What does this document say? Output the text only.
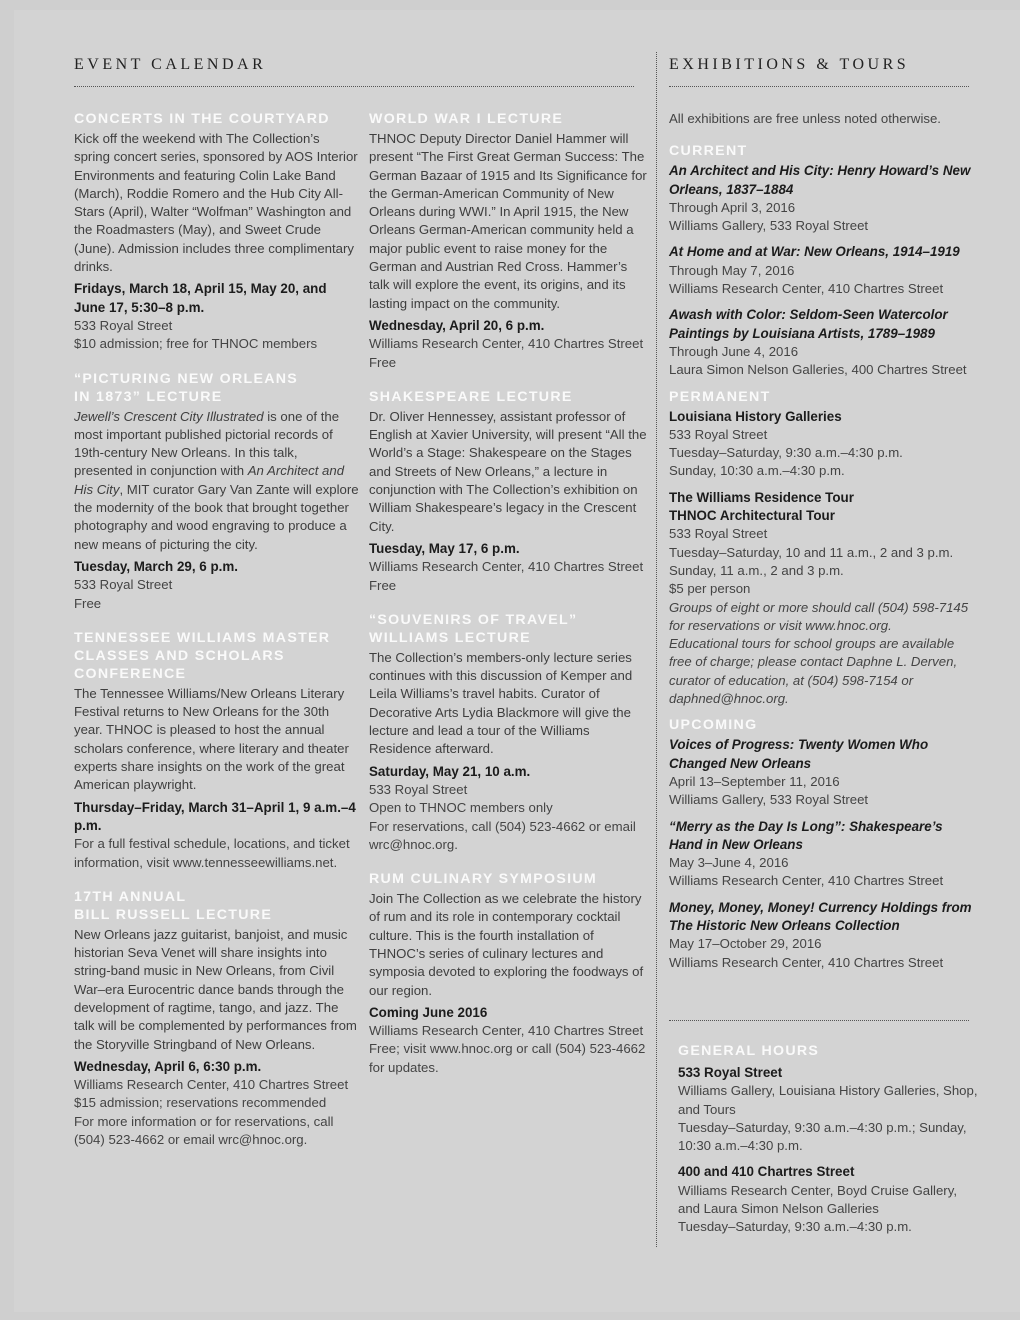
EVENT CALENDAR	EXHIBITIONS & TOURS

CONCERTS IN THE COURTYARD

Kick off the weekend with The Collection’s spring concert series, sponsored by AOS Interior Environments and featuring Colin Lake Band (March), Roddie Romero and the Hub City All-Stars (April), Walter “Wolfman” Washington and the Roadmasters (May), and Sweet Crude (June). Admission includes three complimentary drinks.

Fridays, March 18, April 15, May 20, and June 17, 5:30–8 p.m.

533 Royal Street

$10 admission; free for THNOC members

“PICTURING NEW ORLEANS

IN 1873” LECTURE

Jewell’s Crescent City Illustrated is one of the most important published pictorial records of 19th-century New Orleans. In this talk, presented in conjunction with An Architect and His City, MIT curator Gary Van Zante will explore the modernity of the book that brought together photography and wood engraving to produce a new means of picturing the city.

Tuesday, March 29, 6 p.m.

533 Royal Street

Free

TENNESSEE WILLIAMS MASTER

CLASSES AND SCHOLARS

CONFERENCE

The Tennessee Williams/New Orleans Literary Festival returns to New Orleans for the 30th year. THNOC is pleased to host the annual scholars conference, where literary and theater experts share insights on the work of the great American playwright.

Thursday–Friday, March 31–April 1, 9 a.m.–4 p.m.

For a full festival schedule, locations, and ticket information, visit www.tennesseewilliams.net.

17TH ANNUAL

BILL RUSSELL LECTURE

New Orleans jazz guitarist, banjoist, and music historian Seva Venet will share insights into string-band music in New Orleans, from Civil War–era Eurocentric dance bands through the development of ragtime, tango, and jazz. The talk will be complemented by performances from the Storyville Stringband of New Orleans.

Wednesday, April 6, 6:30 p.m.

Williams Research Center, 410 Chartres Street

$15 admission; reservations recommended

For more information or for reservations, call (504) 523-4662 or email wrc@hnoc.org.

WORLD WAR I LECTURE

THNOC Deputy Director Daniel Hammer will present “The First Great German Success: The German Bazaar of 1915 and Its Significance for the German-American Community of New Orleans during WWI.” In April 1915, the New Orleans German-American community held a major public event to raise money for the German and Austrian Red Cross. Hammer’s talk will explore the event, its origins, and its lasting impact on the community.

Wednesday, April 20, 6 p.m.

Williams Research Center, 410 Chartres Street

Free

SHAKESPEARE LECTURE

Dr. Oliver Hennessey, assistant professor of English at Xavier University, will present “All the World’s a Stage: Shakespeare on the Stages and Streets of New Orleans,” a lecture in conjunction with The Collection’s exhibition on William Shakespeare’s legacy in the Crescent City.

Tuesday, May 17, 6 p.m.

Williams Research Center, 410 Chartres Street

Free

“SOUVENIRS OF TRAVEL”

WILLIAMS LECTURE

The Collection’s members-only lecture series continues with this discussion of Kemper and Leila Williams’s travel habits. Curator of Decorative Arts Lydia Blackmore will give the lecture and lead a tour of the Williams Residence afterward.

Saturday, May 21, 10 a.m.

533 Royal Street

Open to THNOC members only

For reservations, call (504) 523-4662 or email wrc@hnoc.org.

RUM CULINARY SYMPOSIUM

Join The Collection as we celebrate the history of rum and its role in contemporary cocktail culture. This is the fourth installation of THNOC’s series of culinary lectures and symposia devoted to exploring the foodways of our region.

Coming June 2016

Williams Research Center, 410 Chartres Street

Free; visit www.hnoc.org or call (504) 523-4662 for updates.

All exhibitions are free unless noted otherwise.

CURRENT

An Architect and His City: Henry Howard’s New Orleans, 1837–1884

Through April 3, 2016

Williams Gallery, 533 Royal Street

At Home and at War: New Orleans, 1914–1919

Through May 7, 2016

Williams Research Center, 410 Chartres Street

Awash with Color: Seldom-Seen Watercolor Paintings by Louisiana Artists, 1789–1989

Through June 4, 2016

Laura Simon Nelson Galleries, 400 Chartres Street

PERMANENT

Louisiana History Galleries

533 Royal Street

Tuesday–Saturday, 9:30 a.m.–4:30 p.m.

Sunday, 10:30 a.m.–4:30 p.m.

The Williams Residence Tour

THNOC Architectural Tour

533 Royal Street

Tuesday–Saturday, 10 and 11 a.m., 2 and 3 p.m.

Sunday, 11 a.m., 2 and 3 p.m.

$5 per person

Groups of eight or more should call (504) 598-7145 for reservations or visit www.hnoc.org.

Educational tours for school groups are available free of charge; please contact Daphne L. Derven, curator of education, at (504) 598-7154 or daphned@hnoc.org.

UPCOMING

Voices of Progress: Twenty Women Who Changed New Orleans

April 13–September 11, 2016

Williams Gallery, 533 Royal Street

“Merry as the Day Is Long”: Shakespeare’s Hand in New Orleans

May 3–June 4, 2016

Williams Research Center, 410 Chartres Street

Money, Money, Money! Currency Holdings from The Historic New Orleans Collection

May 17–October 29, 2016

Williams Research Center, 410 Chartres Street

GENERAL HOURS

533 Royal Street

Williams Gallery, Louisiana History Galleries, Shop, and Tours

Tuesday–Saturday, 9:30 a.m.–4:30 p.m.; Sunday, 10:30 a.m.–4:30 p.m.

400 and 410 Chartres Street

Williams Research Center, Boyd Cruise Gallery, and Laura Simon Nelson Galleries

Tuesday–Saturday, 9:30 a.m.–4:30 p.m.
